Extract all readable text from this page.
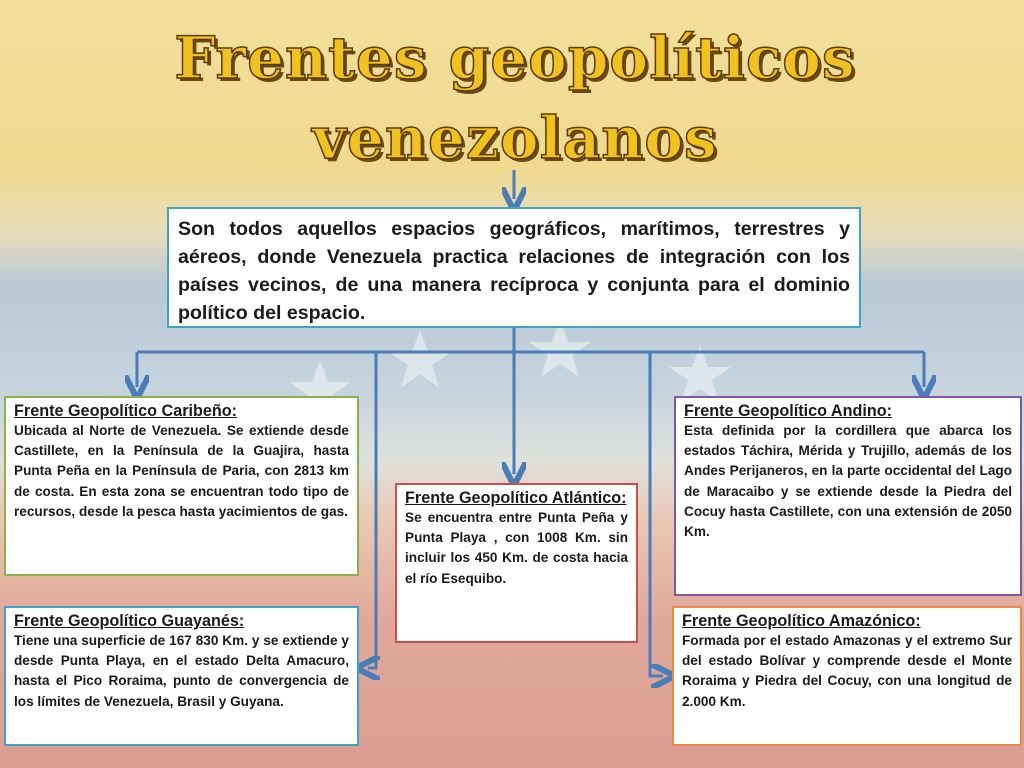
Frentes geopolíticos
venezolanos
Son todos aquellos espacios geográficos, marítimos, terrestres y aéreos, donde Venezuela practica relaciones de integración con los países vecinos, de una manera recíproca y conjunta para el dominio político del espacio.
Frente Geopolítico Caribeño:
Ubicada al Norte de Venezuela. Se extiende desde Castillete, en la Península de la Guajira, hasta Punta Peña en la Península de Paria, con 2813 km de costa. En esta zona se encuentran todo tipo de recursos, desde la pesca hasta yacimientos de gas.
Frente Geopolítico Guayanés:
Tiene una superficie de 167 830 Km. y se extiende y desde Punta Playa, en el estado Delta Amacuro, hasta el Pico Roraima, punto de convergencia de los límites de Venezuela, Brasil y Guyana.
Frente Geopolítico Atlántico:
Se encuentra entre Punta Peña y Punta Playa , con 1008 Km. sin incluir los 450 Km. de costa hacia el río Esequibo.
Frente Geopolítico Andino:
Esta definida por la cordillera que abarca los estados Táchira, Mérida y Trujillo, además de los Andes Perijaneros, en la parte occidental del Lago de Maracaibo y se extiende desde la Piedra del Cocuy hasta Castillete, con una extensión de 2050 Km.
Frente Geopolítico Amazónico:
Formada por el estado Amazonas y el extremo Sur del estado Bolívar y comprende desde el Monte Roraima y Piedra del Cocuy, con una longitud de 2.000 Km.
